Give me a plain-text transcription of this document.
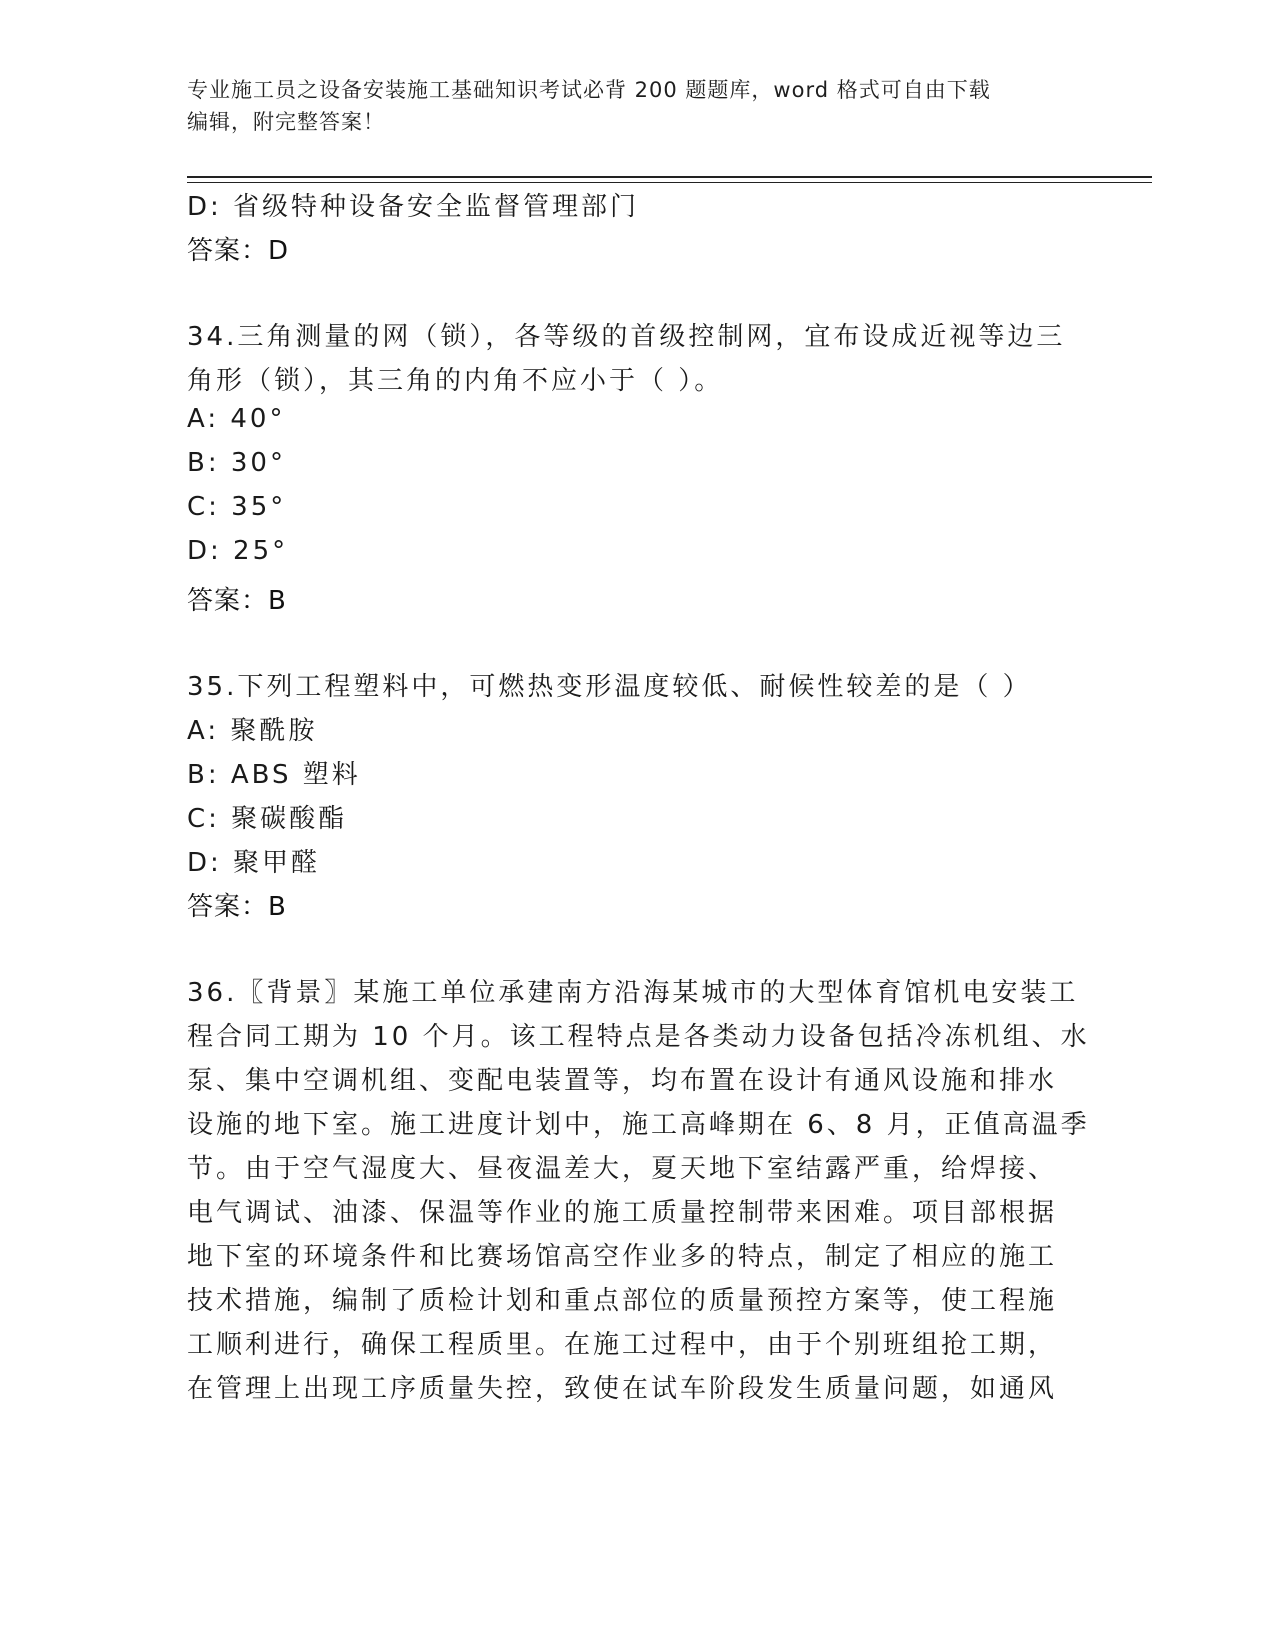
专业施工员之设备安装施工基础知识考试必背 200 题题库，word 格式可自由下载
编辑，附完整答案！
D: 省级特种设备安全监督管理部门
答案：D
34.三角测量的网（锁），各等级的首级控制网，宜布设成近视等边三
角形（锁），其三角的内角不应小于（ ）。
A: 40°
B: 30°
C: 35°
D: 25°
答案：B
35.下列工程塑料中，可燃热变形温度较低、耐候性较差的是（ ）
A: 聚酰胺
B: ABS 塑料
C: 聚碳酸酯
D: 聚甲醛
答案：B
36.〖背景〗某施工单位承建南方沿海某城市的大型体育馆机电安装工
程合同工期为 10 个月。该工程特点是各类动力设备包括冷冻机组、水
泵、集中空调机组、变配电装置等，均布置在设计有通风设施和排水
设施的地下室。施工进度计划中，施工高峰期在 6、8 月，正值高温季
节。由于空气湿度大、昼夜温差大，夏天地下室结露严重，给焊接、
电气调试、油漆、保温等作业的施工质量控制带来困难。项目部根据
地下室的环境条件和比赛场馆高空作业多的特点，制定了相应的施工
技术措施，编制了质检计划和重点部位的质量预控方案等，使工程施
工顺利进行，确保工程质里。在施工过程中，由于个别班组抢工期，
在管理上出现工序质量失控，致使在试车阶段发生质量问题，如通风
